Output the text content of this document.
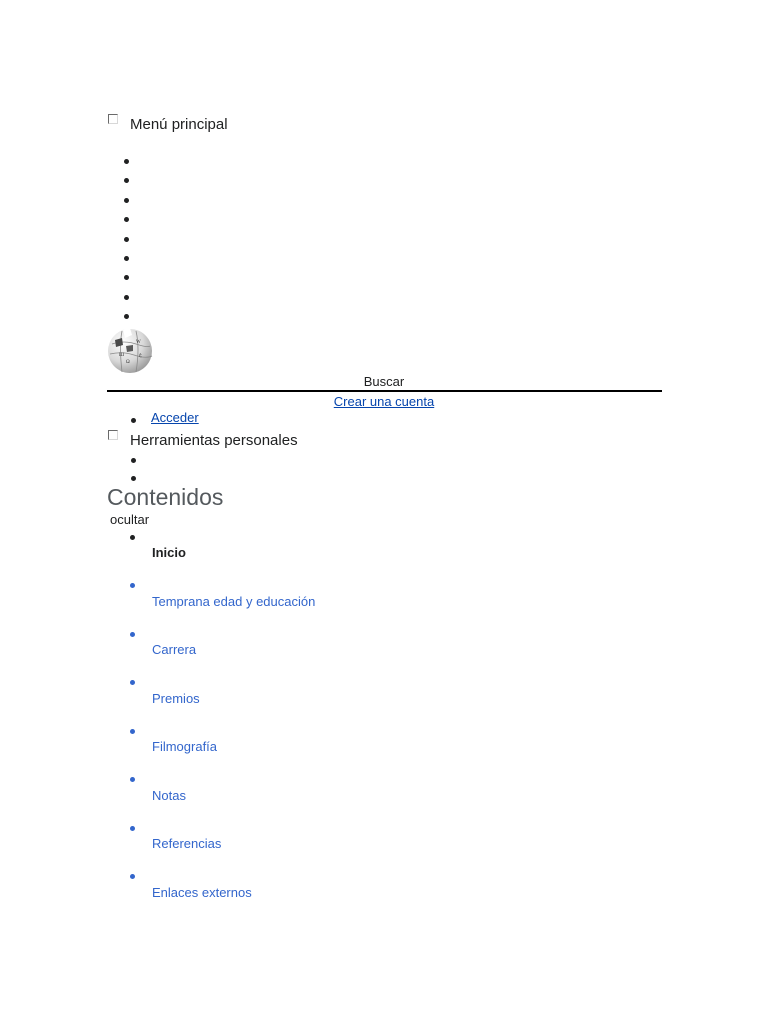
Menú principal
Ш
W
ع
Ω
Buscar
Crear una cuenta
Acceder
Herramientas personales
Contenidos
ocultar
Inicio
Temprana edad y educación
Carrera
Premios
Filmografía
Notas
Referencias
Enlaces externos
